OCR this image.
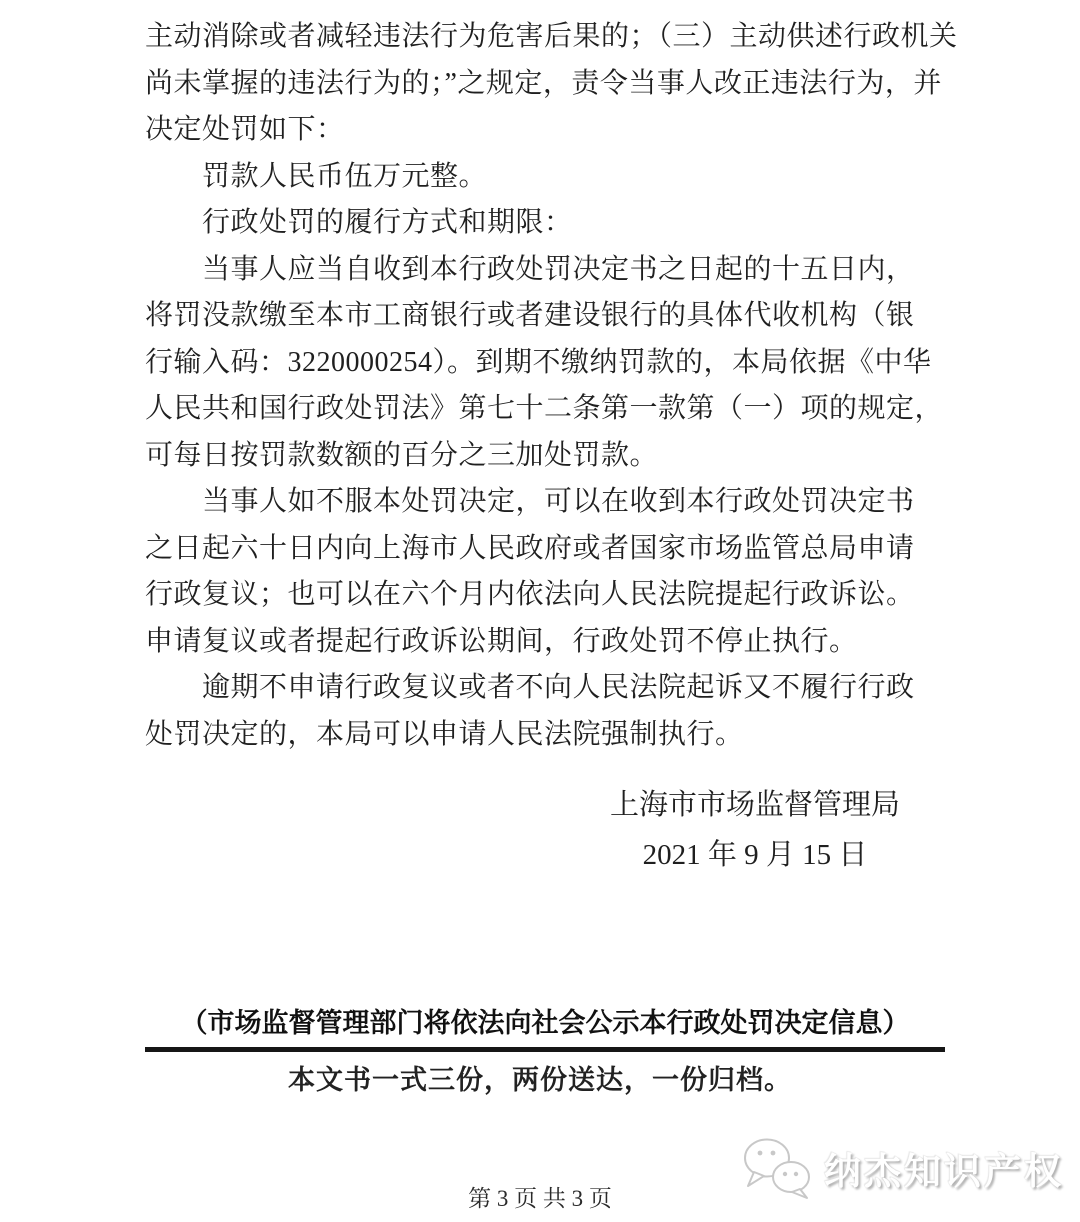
主动消除或者减轻违法行为危害后果的；（三）主动供述行政机关
尚未掌握的违法行为的；”之规定，责令当事人改正违法行为，并
决定处罚如下：
罚款人民币伍万元整。
行政处罚的履行方式和期限：
当事人应当自收到本行政处罚决定书之日起的十五日内，
将罚没款缴至本市工商银行或者建设银行的具体代收机构（银
行输入码：3220000254）。到期不缴纳罚款的，本局依据《中华
人民共和国行政处罚法》第七十二条第一款第（一）项的规定，
可每日按罚款数额的百分之三加处罚款。
当事人如不服本处罚决定，可以在收到本行政处罚决定书
之日起六十日内向上海市人民政府或者国家市场监管总局申请
行政复议；也可以在六个月内依法向人民法院提起行政诉讼。
申请复议或者提起行政诉讼期间，行政处罚不停止执行。
逾期不申请行政复议或者不向人民法院起诉又不履行行政
处罚决定的，本局可以申请人民法院强制执行。
上海市市场监督管理局
2021 年 9 月 15 日
（市场监督管理部门将依法向社会公示本行政处罚决定信息）
本文书一式三份，两份送达，一份归档。
第 3 页 共 3 页
纳杰知识产权
